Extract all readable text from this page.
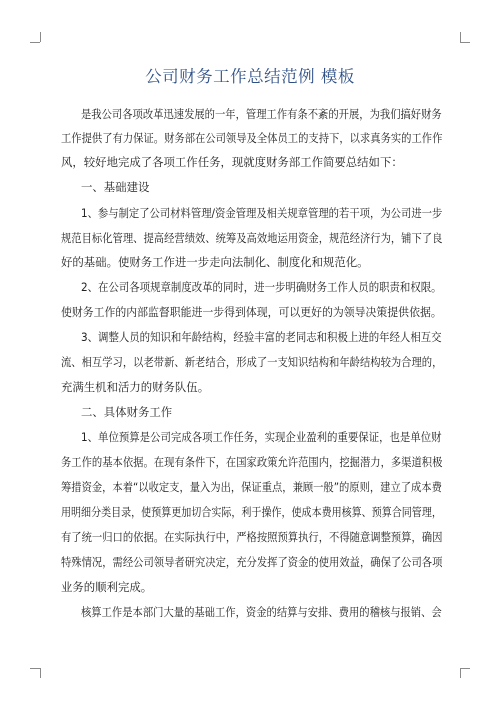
公司财务工作总结范例 模板
是我公司各项改革迅速发展的一年，管理工作有条不紊的开展，为我们搞好财务
工作提供了有力保证。财务部在公司领导及全体员工的支持下，以求真务实的工作作
风，较好地完成了各项工作任务，现就度财务部工作简要总结如下：
一、基础建设
1、参与制定了公司材料管理/资金管理及相关规章管理的若干项，为公司进一步
规范目标化管理、提高经营绩效、统筹及高效地运用资金，规范经济行为，铺下了良
好的基础。使财务工作进一步走向法制化、制度化和规范化。
2、在公司各项规章制度改革的同时，进一步明确财务工作人员的职责和权限。
使财务工作的内部监督职能进一步得到体现，可以更好的为领导决策提供依据。
3、调整人员的知识和年龄结构，经验丰富的老同志和积极上进的年经人相互交
流、相互学习，以老带新、新老结合，形成了一支知识结构和年龄结构较为合理的，
充满生机和活力的财务队伍。
二、具体财务工作
1、单位预算是公司完成各项工作任务，实现企业盈利的重要保证，也是单位财
务工作的基本依据。在现有条件下，在国家政策允许范围内，挖掘潜力，多渠道积极
筹措资金，本着“以收定支，量入为出，保证重点，兼顾一般”的原则，建立了成本费
用明细分类目录，使预算更加切合实际，利于操作，使成本费用核算、预算合同管理，
有了统一归口的依据。在实际执行中，严格按照预算执行，不得随意调整预算，确因
特殊情况，需经公司领导者研究决定，充分发挥了资金的使用效益，确保了公司各项
业务的顺利完成。
核算工作是本部门大量的基础工作，资金的结算与安排、费用的稽核与报销、会
